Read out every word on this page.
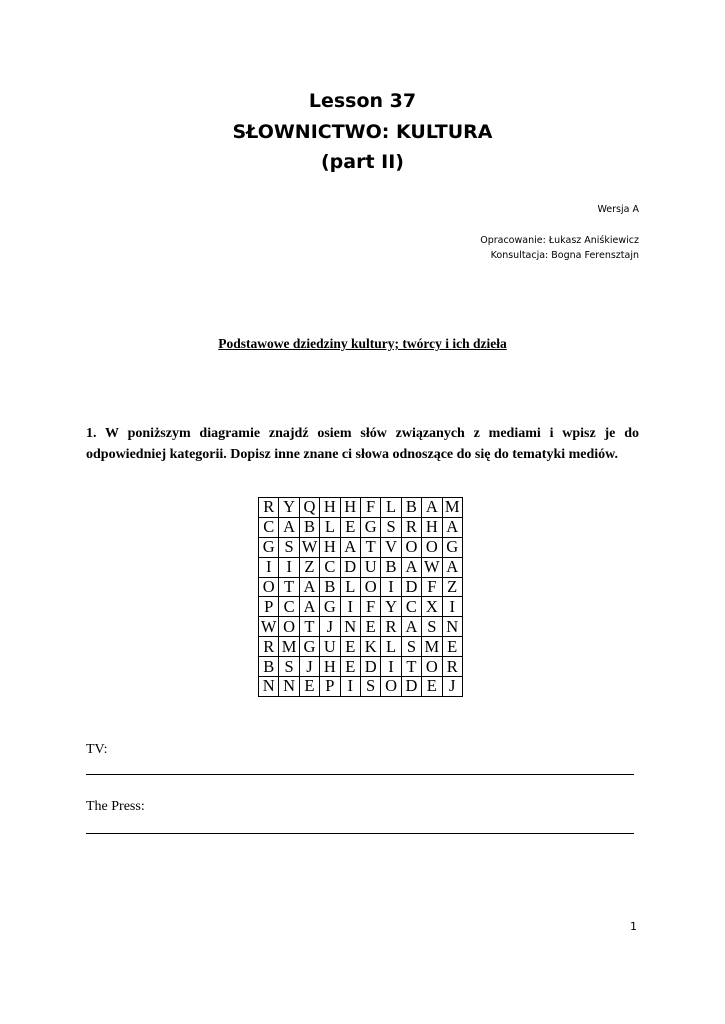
Lesson 37
SŁOWNICTWO: KULTURA
(part II)
Wersja A
Opracowanie: Łukasz Aniśkiewicz
Konsultacja: Bogna Ferensztajn
Podstawowe dziedziny kultury; twórcy i ich dzieła
1. W poniższym diagramie znajdź osiem słów związanych z mediami i wpisz je do odpowiedniej kategorii. Dopisz inne znane ci słowa odnoszące do się do tematyki mediów.
R	Y	Q	H	H	F	L	B	A	M
C	A	B	L	E	G	S	R	H	A
G	S	W	H	A	T	V	O	O	G
I	I	Z	C	D	U	B	A	W	A
O	T	A	B	L	O	I	D	F	Z
P	C	A	G	I	F	Y	C	X	I
W	O	T	J	N	E	R	A	S	N
R	M	G	U	E	K	L	S	M	E
B	S	J	H	E	D	I	T	O	R
N	N	E	P	I	S	O	D	E	J
TV:
The Press:
1
